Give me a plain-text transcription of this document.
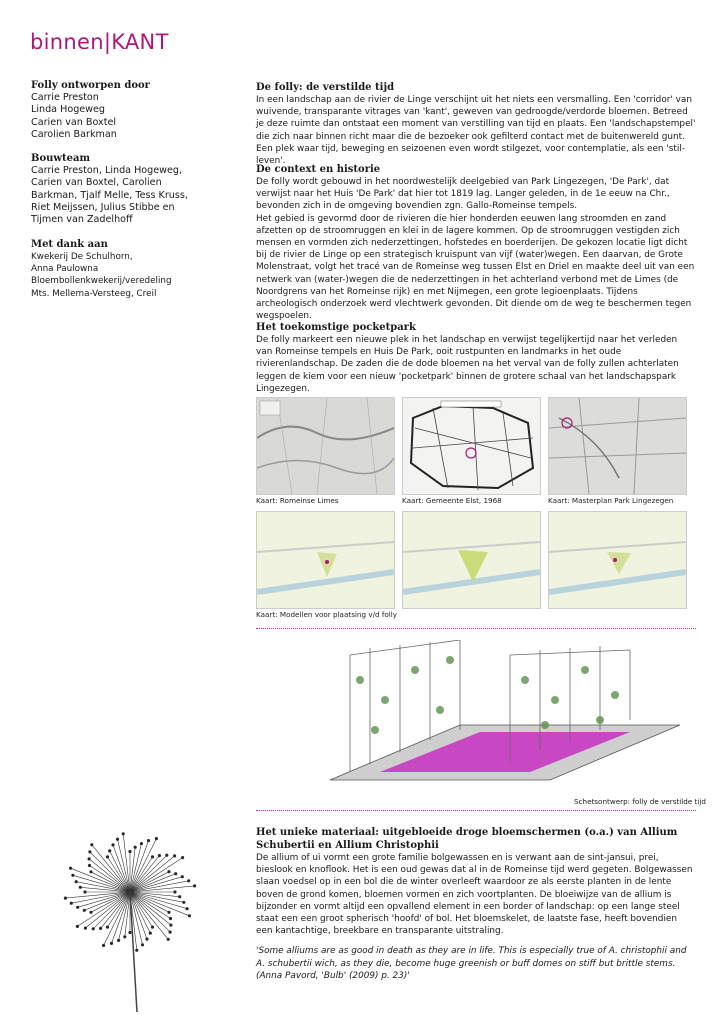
binnen|KANT
Folly ontworpen door
Carrie Preston
Linda Hogeweg
Carien van Boxtel
Carolien Barkman
Bouwteam
Carrie Preston, Linda Hogeweg,
Carien van Boxtel, Carolien
Barkman, Tjalf Melle, Tess Kruss,
Riet Meijssen, Julius Stibbe en
Tijmen van Zadelhoff
Met dank aan
Kwekerij De Schulhorn,
Anna Paulowna
Bloembollenkwekerij/veredeling
Mts. Mellema-Versteeg, Creil
De folly: de verstilde tijd

In een landschap aan de rivier de Linge verschijnt uit het niets een versmalling. Een 'corridor' van wuivende, transparante vitrages van 'kant', geweven van gedroogde/verdorde bloemen. Betreed je deze ruimte dan ontstaat een moment van verstilling van tijd en plaats. Een 'landschapstempel' die zich naar binnen richt maar die de bezoeker ook gefilterd contact met de buitenwereld gunt. Een plek waar tijd, beweging en seizoenen even wordt stilgezet, voor contemplatie, als een 'stil-leven'.

De context en historie

De folly wordt gebouwd in het noordwestelijk deelgebied van Park Lingezegen, 'De Park', dat verwijst naar het Huis 'De Park' dat hier tot 1819 lag. Langer geleden, in de 1e eeuw na Chr., bevonden zich in de omgeving bovendien zgn. Gallo-Romeinse tempels.

Het gebied is gevormd door de rivieren die hier honderden eeuwen lang stroomden en zand afzetten op de stroomruggen en klei in de lagere kommen. Op de stroomruggen vestigden zich mensen en vormden zich nederzettingen, hofstedes en boerderijen. De gekozen locatie ligt dicht bij de rivier de Linge op een strategisch kruispunt van vijf (water)wegen. Een daarvan, de Grote Molenstraat, volgt het tracé van de Romeinse weg tussen Elst en Driel en maakte deel uit van een netwerk van (water-)wegen die de nederzettingen in het achterland verbond met de Limes (de Noordgrens van het Romeinse rijk) en met Nijmegen, een grote legioenplaats. Tijdens archeologisch onderzoek werd vlechtwerk gevonden. Dit diende om de weg te beschermen tegen wegspoelen.

Het toekomstige pocketpark

De folly markeert een nieuwe plek in het landschap en verwijst tegelijkertijd naar het verleden van Romeinse tempels en Huis De Park, ooit rustpunten en landmarks in het oude rivierenlandschap. De zaden die de dode bloemen na het verval van de folly zullen achterlaten leggen de kiem voor een nieuw 'pocketpark' binnen de grotere schaal van het landschapspark Lingezegen.

Kaart: Romeinse Limes	Kaart: Gemeente Elst, 1968	Kaart: Masterplan Park Lingezegen
Kaart: Modellen voor plaatsing v/d folly
Schetsontwerp: folly de verstilde tijd
Het unieke materiaal: uitgebloeide droge bloemschermen (o.a.) van Allium Schubertii en Allium Christophii

De allium of ui vormt een grote familie bolgewassen en is verwant aan de sint-jansui, prei, bieslook en knoflook. Het is een oud gewas dat al in de Romeinse tijd werd gegeten. Bolgewassen slaan voedsel op in een bol die de winter overleeft waardoor ze als eerste planten in de lente boven de grond komen, bloemen vormen en zich voortplanten. De bloeiwijze van de allium is bijzonder en vormt altijd een opvallend element in een border of landschap: op een lange steel staat een een groot spherisch 'hoofd' of bol. Het bloemskelet, de laatste fase, heeft bovendien een kantachtige, breekbare en transparante uitstraling.

'Some alliums are as good in death as they are in life. This is especially true of A. christophii and A. schubertii wich, as they die, become huge greenish or buff domes on stiff but brittle stems. (Anna Pavord, 'Bulb' (2009) p. 23)'
